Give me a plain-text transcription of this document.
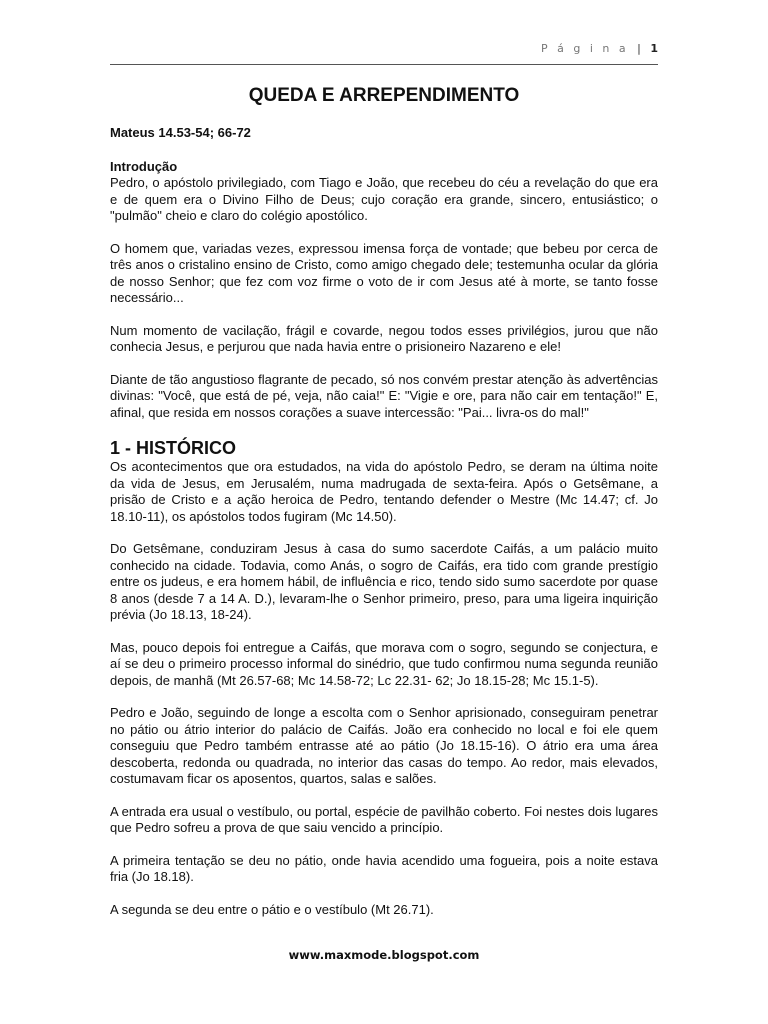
P á g i n a | 1
QUEDA E ARREPENDIMENTO
Mateus 14.53-54; 66-72
Introdução

Pedro, o apóstolo privilegiado, com Tiago e João, que recebeu do céu a revelação do que era e de quem era o Divino Filho de Deus; cujo coração era grande, sincero, entusiástico; o "pulmão" cheio e claro do colégio apostólico.

O homem que, variadas vezes, expressou imensa força de vontade; que bebeu por cerca de três anos o cristalino ensino de Cristo, como amigo chegado dele; testemunha ocular da glória de nosso Senhor; que fez com voz firme o voto de ir com Jesus até à morte, se tanto fosse necessário...

Num momento de vacilação, frágil e covarde, negou todos esses privilégios, jurou que não conhecia Jesus, e perjurou que nada havia entre o prisioneiro Nazareno e ele!

Diante de tão angustioso flagrante de pecado, só nos convém prestar atenção às advertências divinas: "Você, que está de pé, veja, não caia!" E: "Vigie e ore, para não cair em tentação!" E, afinal, que resida em nossos corações a suave intercessão: "Pai... livra-os do mal!"

1 - HISTÓRICO

Os acontecimentos que ora estudados, na vida do apóstolo Pedro, se deram na última noite da vida de Jesus, em Jerusalém, numa madrugada de sexta-feira. Após o Getsêmane, a prisão de Cristo e a ação heroica de Pedro, tentando defender o Mestre (Mc 14.47; cf. Jo 18.10-11), os apóstolos todos fugiram (Mc 14.50).

Do Getsêmane, conduziram Jesus à casa do sumo sacerdote Caifás, a um palácio muito conhecido na cidade. Todavia, como Anás, o sogro de Caifás, era tido com grande prestígio entre os judeus, e era homem hábil, de influência e rico, tendo sido sumo sacerdote por quase 8 anos (desde 7 a 14 A. D.), levaram-lhe o Senhor primeiro, preso, para uma ligeira inquirição prévia (Jo 18.13, 18-24).

Mas, pouco depois foi entregue a Caifás, que morava com o sogro, segundo se conjectura, e aí se deu o primeiro processo informal do sinédrio, que tudo confirmou numa segunda reunião depois, de manhã (Mt 26.57-68; Mc 14.58-72; Lc 22.31- 62; Jo 18.15-28; Mc 15.1-5).

Pedro e João, seguindo de longe a escolta com o Senhor aprisionado, conseguiram penetrar no pátio ou átrio interior do palácio de Caifás. João era conhecido no local e foi ele quem conseguiu que Pedro também entrasse até ao pátio (Jo 18.15-16). O átrio era uma área descoberta, redonda ou quadrada, no interior das casas do tempo. Ao redor, mais elevados, costumavam ficar os aposentos, quartos, salas e salões.

A entrada era usual o vestíbulo, ou portal, espécie de pavilhão coberto. Foi nestes dois lugares que Pedro sofreu a prova de que saiu vencido a princípio.

A primeira tentação se deu no pátio, onde havia acendido uma fogueira, pois a noite estava fria (Jo 18.18).

A segunda se deu entre o pátio e o vestíbulo (Mt 26.71).

www.maxmode.blogspot.com
